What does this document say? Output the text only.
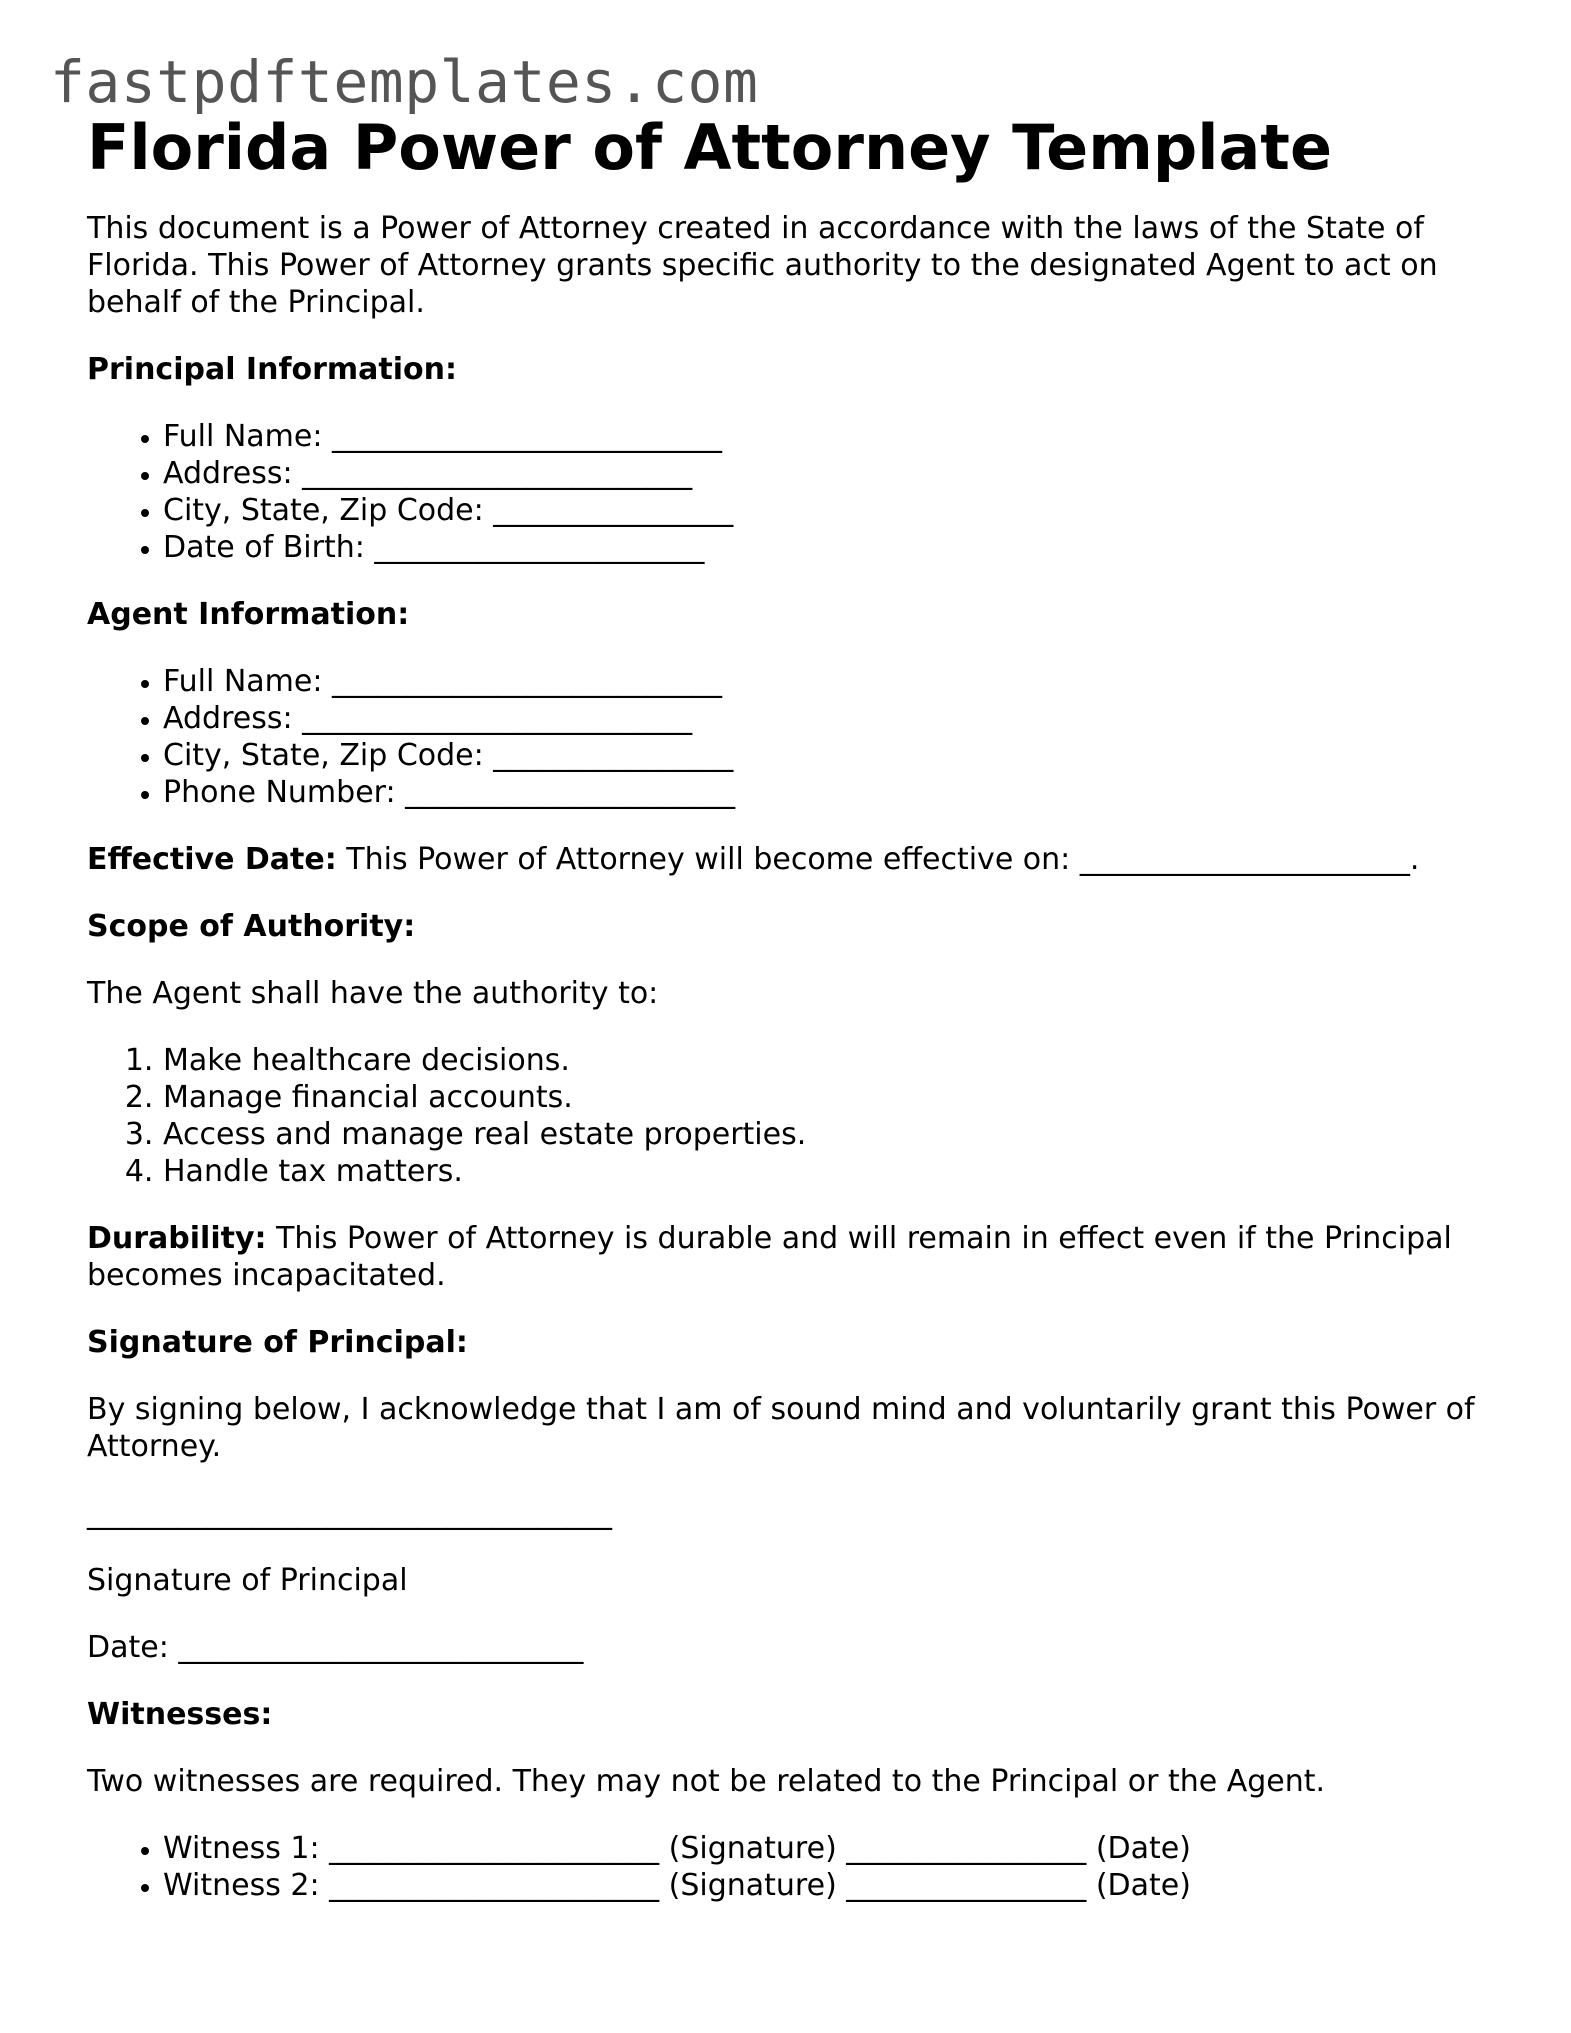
fastpdftemplates.com
Florida Power of Attorney Template

This document is a Power of Attorney created in accordance with the laws of the State of Florida. This Power of Attorney grants specific authority to the designated Agent to act on behalf of the Principal.

Principal Information:
• Full Name: __________________________
• Address: __________________________
• City, State, Zip Code: ________________
• Date of Birth: ______________________
Agent Information:
• Full Name: __________________________
• Address: __________________________
• City, State, Zip Code: ________________
• Phone Number: ______________________

Effective Date: This Power of Attorney will become effective on: ______________________.

Scope of Authority:

The Agent shall have the authority to:

1. Make healthcare decisions.
2. Manage financial accounts.
3. Access and manage real estate properties.
4. Handle tax matters.

Durability: This Power of Attorney is durable and will remain in effect even if the Principal becomes incapacitated.

Signature of Principal:

By signing below, I acknowledge that I am of sound mind and voluntarily grant this Power of Attorney.

___________________________________

Signature of Principal

Date: ___________________________

Witnesses:

Two witnesses are required. They may not be related to the Principal or the Agent.

• Witness 1: ______________________ (Signature) ________________ (Date)
• Witness 2: ______________________ (Signature) ________________ (Date)
